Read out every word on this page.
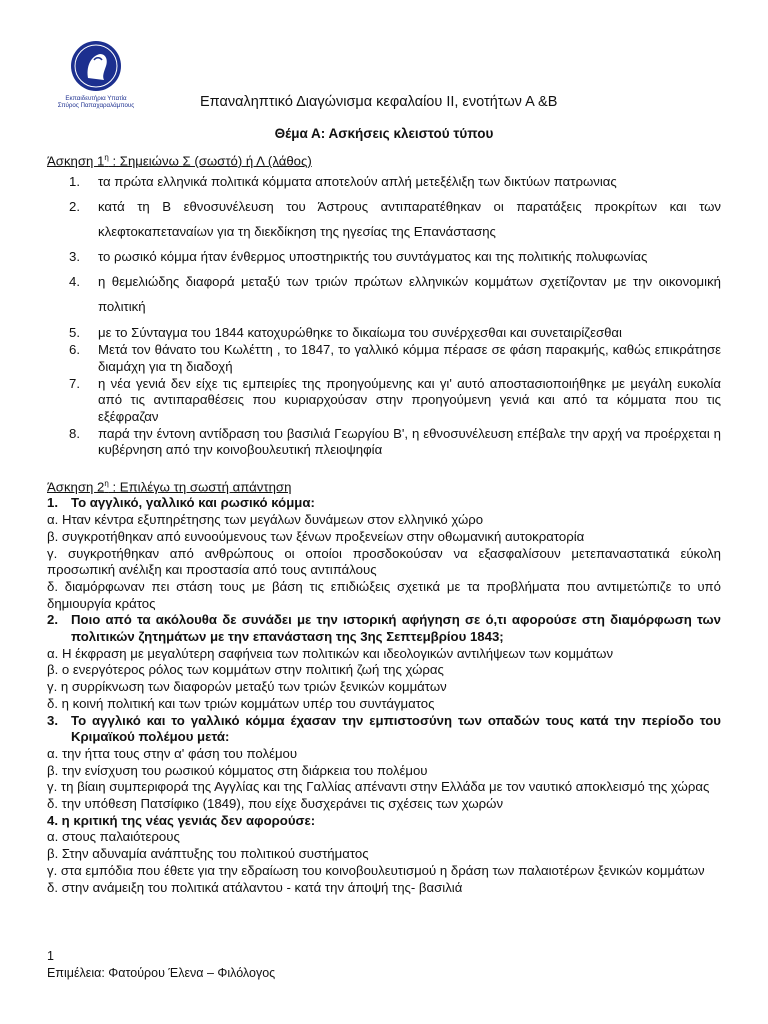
Εκπαιδευτήρια Υπατία
Σπύρος Παπαχαραλάμπους	Επαναληπτικό Διαγώνισμα κεφαλαίου ΙΙ, ενοτήτων Α &Β
Θέμα Α: Ασκήσεις κλειστού τύπου
Άσκηση $1^\eta$ : Σημειώνω Σ (σωστό) ή Λ (λάθος)
1. τα πρώτα ελληνικά πολιτικά κόμματα αποτελούν απλή μετεξέλιξη των δικτύων πατρωνιας
2. κατά τη Β εθνοσυνέλευση του Άστρους αντιπαρατέθηκαν οι παρατάξεις προκρίτων και των κλεφτοκαπεταναίων για τη διεκδίκηση της ηγεσίας της Επανάστασης
3. το ρωσικό κόμμα ήταν ένθερμος υποστηρικτής του συντάγματος και της πολιτικής πολυφωνίας
4. η θεμελιώδης διαφορά μεταξύ των τριών πρώτων ελληνικών κομμάτων σχετίζονταν με την οικονομική πολιτική
5. με το Σύνταγμα του 1844 κατοχυρώθηκε το δικαίωμα του συνέρχεσθαι και συνεταιρίζεσθαι
6. Μετά τον θάνατο του Κωλέττη , το 1847, το γαλλικό κόμμα πέρασε σε φάση παρακμής, καθώς επικράτησε διαμάχη για τη διαδοχή
7. η νέα γενιά δεν είχε τις εμπειρίες της προηγούμενης και γι' αυτό αποστασιοποιήθηκε με μεγάλη ευκολία από τις αντιπαραθέσεις που κυριαρχούσαν στην προηγούμενη γενιά και από τα κόμματα που τις εξέφραζαν
8. παρά την έντονη αντίδραση του βασιλιά Γεωργίου Β', η εθνοσυνέλευση επέβαλε την αρχή να προέρχεται η κυβέρνηση από την κοινοβουλευτική πλειοψηφία
Άσκηση $2^\eta$ : Επιλέγω τη σωστή απάντηση
1. Το αγγλικό, γαλλικό και ρωσικό κόμμα:
α. Ηταν κέντρα εξυπηρέτησης των μεγάλων δυνάμεων στον ελληνικό χώρο
β. συγκροτήθηκαν από ευνοούμενους των ξένων προξενείων στην οθωμανική αυτοκρατορία
γ. συγκροτήθηκαν από ανθρώπους οι οποίοι προσδοκούσαν να εξασφαλίσουν μετεπαναστατικά εύκολη προσωπική ανέλιξη και προστασία από τους αντιπάλους
δ. διαμόρφωναν πει στάση τους με βάση τις επιδιώξεις σχετικά με τα προβλήματα που αντιμετώπιζε το υπό δημιουργία κράτος
2. Ποιο από τα ακόλουθα δε συνάδει με την ιστορική αφήγηση σε ό,τι αφορούσε στη διαμόρφωση των πολιτικών ζητημάτων με την επανάσταση της 3ης Σεπτεμβρίου 1843;
α. Η έκφραση με μεγαλύτερη σαφήνεια των πολιτικών και ιδεολογικών αντιλήψεων των κομμάτων
β. ο ενεργότερος ρόλος των κομμάτων στην πολιτική ζωή της χώρας
γ. η συρρίκνωση των διαφορών μεταξύ των τριών ξενικών κομμάτων
δ. η κοινή πολιτική και των τριών κομμάτων υπέρ του συντάγματος
3. Το αγγλικό και το γαλλικό κόμμα έχασαν την εμπιστοσύνη των οπαδών τους κατά την περίοδο του Κριμαϊκού πολέμου μετά:
α. την ήττα τους στην α' φάση του πολέμου
β. την ενίσχυση του ρωσικού κόμματος στη διάρκεια του πολέμου
γ. τη βίαιη συμπεριφορά της Αγγλίας και της Γαλλίας απέναντι στην Ελλάδα με τον ναυτικό αποκλεισμό της χώρας
δ. την υπόθεση Πατσίφικο (1849), που είχε δυσχεράνει τις σχέσεις των χωρών
4. η κριτική της νέας γενιάς δεν αφορούσε:
α. στους παλαιότερους
β. Στην αδυναμία ανάπτυξης του πολιτικού συστήματος
γ. στα εμπόδια που έθετε για την εδραίωση του κοινοβουλευτισμού η δράση των παλαιοτέρων ξενικών κομμάτων
δ. στην ανάμειξη του πολιτικά ατάλαντου - κατά την άποψή της- βασιλιά
1
Επιμέλεια: Φατούρου Έλενα – Φιλόλογος
